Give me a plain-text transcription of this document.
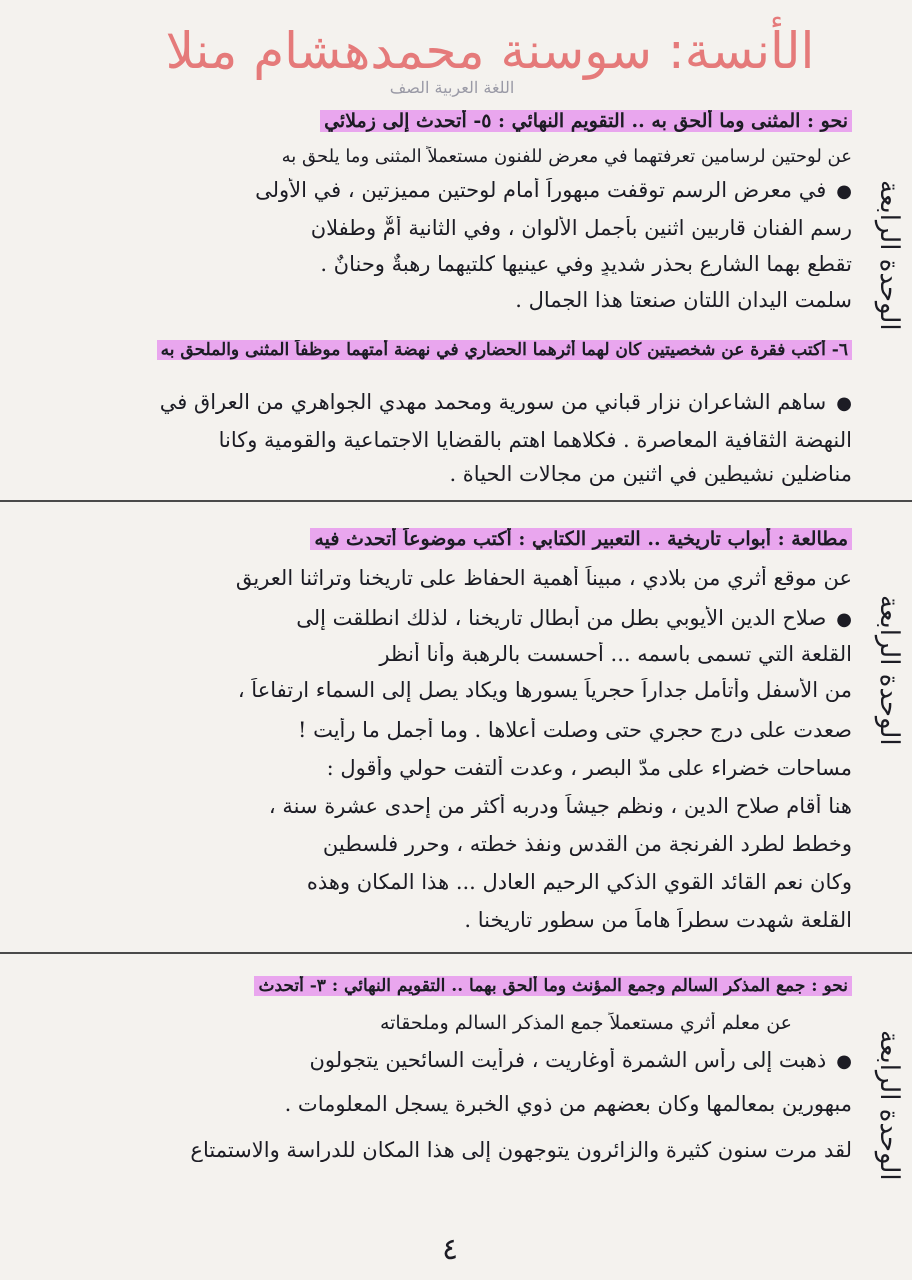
الأنسة: سوسنة محمدهشام منلا
اللغة العربية الصف
الوحدة الرابعة
نحو : المثنى وما ألحق به .. التقويم النهائي : ٥- أتحدث إلى زملائي
عن لوحتين لرسامين تعرفتهما في معرض للفنون مستعملاً المثنى وما يلحق به
● في معرض الرسم توقفت مبهوراً أمام لوحتين مميزتين ، في الأولى
رسم الفنان قاربين اثنين بأجمل الألوان ، وفي الثانية أمٌّ وطفلان
تقطع بهما الشارع بحذرٍ شديدٍ وفي عينيها كلتيهما رهبةٌ وحنانٌ .
سلمت اليدان اللتان صنعتا هذا الجمال .
٦- أكتب فقرة عن شخصيتين كان لهما أثرهما الحضاري في نهضة أمتهما موظفاً المثنى والملحق به
● ساهم الشاعران نزار قباني من سورية ومحمد مهدي الجواهري من العراق في
النهضة الثقافية المعاصرة . فكلاهما اهتم بالقضايا الاجتماعية والقومية وكانا
مناضلين نشيطين في اثنين من مجالات الحياة .
الوحدة الرابعة
مطالعة : أبواب تاريخية .. التعبير الكتابي : أكتب موضوعاً أتحدث فيه
عن موقع أثري من بلادي ، مبيناً أهمية الحفاظ على تاريخنا وتراثنا العريق
● صلاح الدين الأيوبي بطل من أبطال تاريخنا ، لذلك انطلقت إلى
القلعة التي تسمى باسمه ... أحسست بالرهبة وأنا أنظر
من الأسفل وأتأمل جداراً حجرياً يسورها ويكاد يصل إلى السماء ارتفاعاً ،
صعدت على درج حجري حتى وصلت أعلاها . وما أجمل ما رأيت !
مساحات خضراء على مدّ البصر ، وعدت ألتفت حولي وأقول :
هنا أقام صلاح الدين ، ونظم جيشاً ودربه أكثر من إحدى عشرة سنة ،
وخطط لطرد الفرنجة من القدس ونفذ خطته ، وحرر فلسطين
وكان نعم القائد القوي الذكي الرحيم العادل ... هذا المكان وهذه
القلعة شهدت سطراً هاماً من سطور تاريخنا .
الوحدة الرابعة
نحو : جمع المذكر السالم وجمع المؤنث وما ألحق بهما .. التقويم النهائي : ٣- أتحدث
عن معلم أثري مستعملاً جمع المذكر السالم وملحقاته
● ذهبت إلى رأس الشمرة أوغاريت ، فرأيت السائحين يتجولون
مبهورين بمعالمها وكان بعضهم من ذوي الخبرة يسجل المعلومات .
لقد مرت سنون كثيرة والزائرون يتوجهون إلى هذا المكان للدراسة والاستمتاع
٤
